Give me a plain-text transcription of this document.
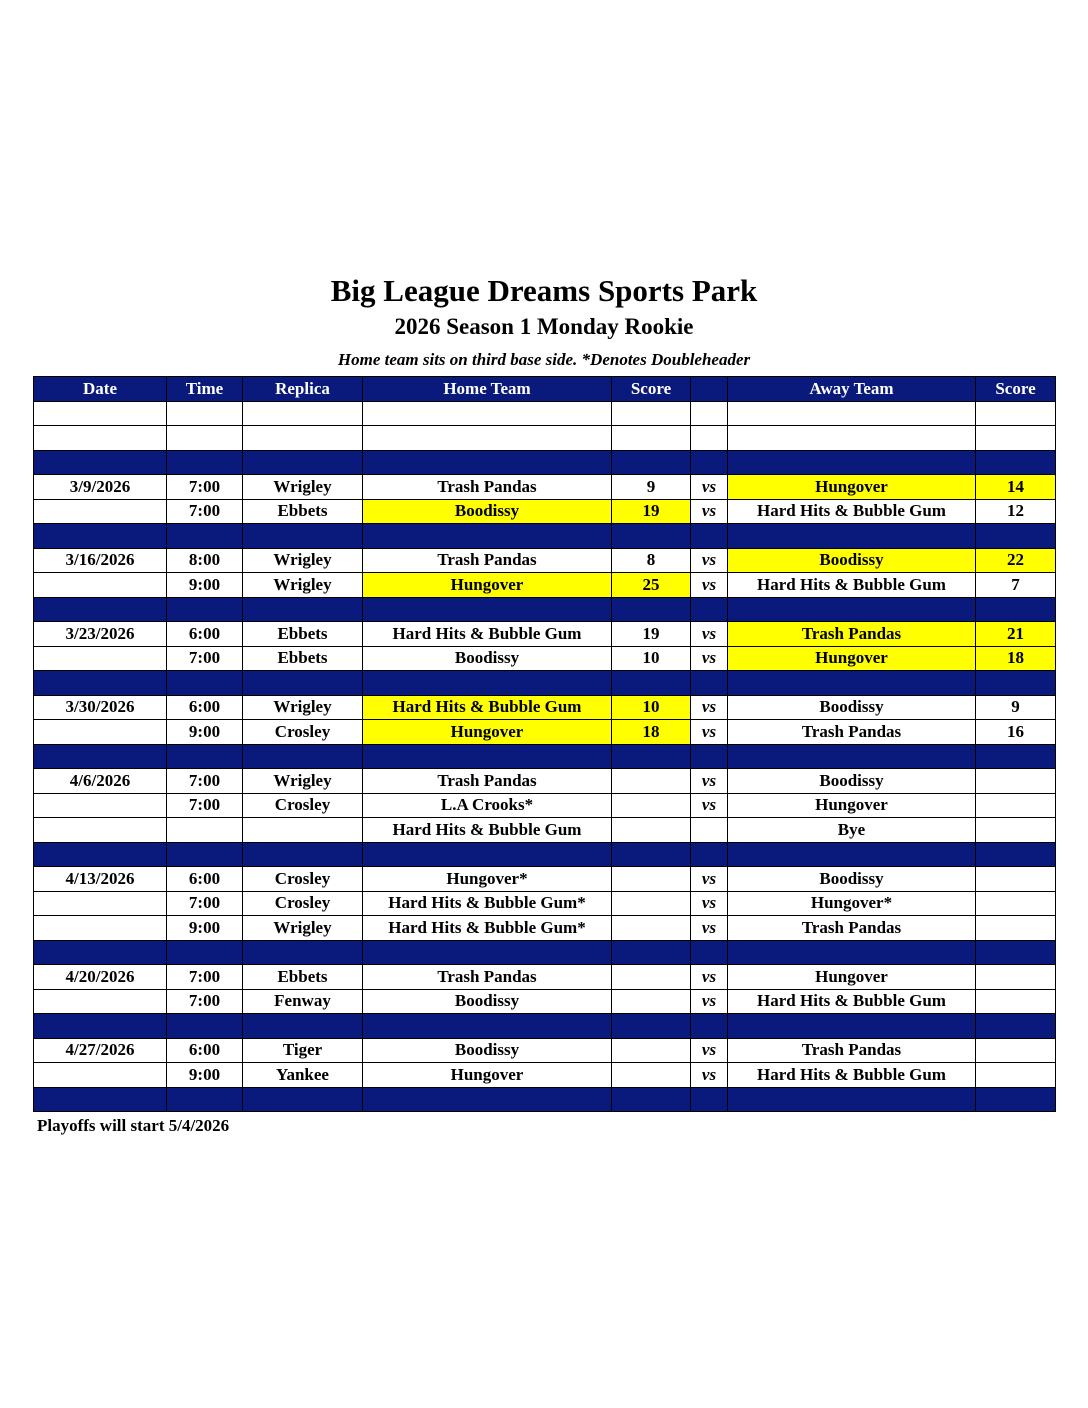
Big League Dreams Sports Park
2026 Season 1 Monday Rookie

Home team sits on third base side. *Denotes Doubleheader

Date	Time	Replica	Home Team	Score		Away Team	Score

3/9/2026	7:00	Wrigley	Trash Pandas	9	vs	Hungover	14
	7:00	Ebbets	Boodissy	19	vs	Hard Hits & Bubble Gum	12

3/16/2026	8:00	Wrigley	Trash Pandas	8	vs	Boodissy	22
	9:00	Wrigley	Hungover	25	vs	Hard Hits & Bubble Gum	7

3/23/2026	6:00	Ebbets	Hard Hits & Bubble Gum	19	vs	Trash Pandas	21
	7:00	Ebbets	Boodissy	10	vs	Hungover	18

3/30/2026	6:00	Wrigley	Hard Hits & Bubble Gum	10	vs	Boodissy	9
	9:00	Crosley	Hungover	18	vs	Trash Pandas	16

4/6/2026	7:00	Wrigley	Trash Pandas		vs	Boodissy	
	7:00	Crosley	L.A Crooks*		vs	Hungover	
			Hard Hits & Bubble Gum			Bye	

4/13/2026	6:00	Crosley	Hungover*		vs	Boodissy	
	7:00	Crosley	Hard Hits & Bubble Gum*		vs	Hungover*	
	9:00	Wrigley	Hard Hits & Bubble Gum*		vs	Trash Pandas	

4/20/2026	7:00	Ebbets	Trash Pandas		vs	Hungover	
	7:00	Fenway	Boodissy		vs	Hard Hits & Bubble Gum	

4/27/2026	6:00	Tiger	Boodissy		vs	Trash Pandas	
	9:00	Yankee	Hungover		vs	Hard Hits & Bubble Gum	

Playoffs will start 5/4/2026
